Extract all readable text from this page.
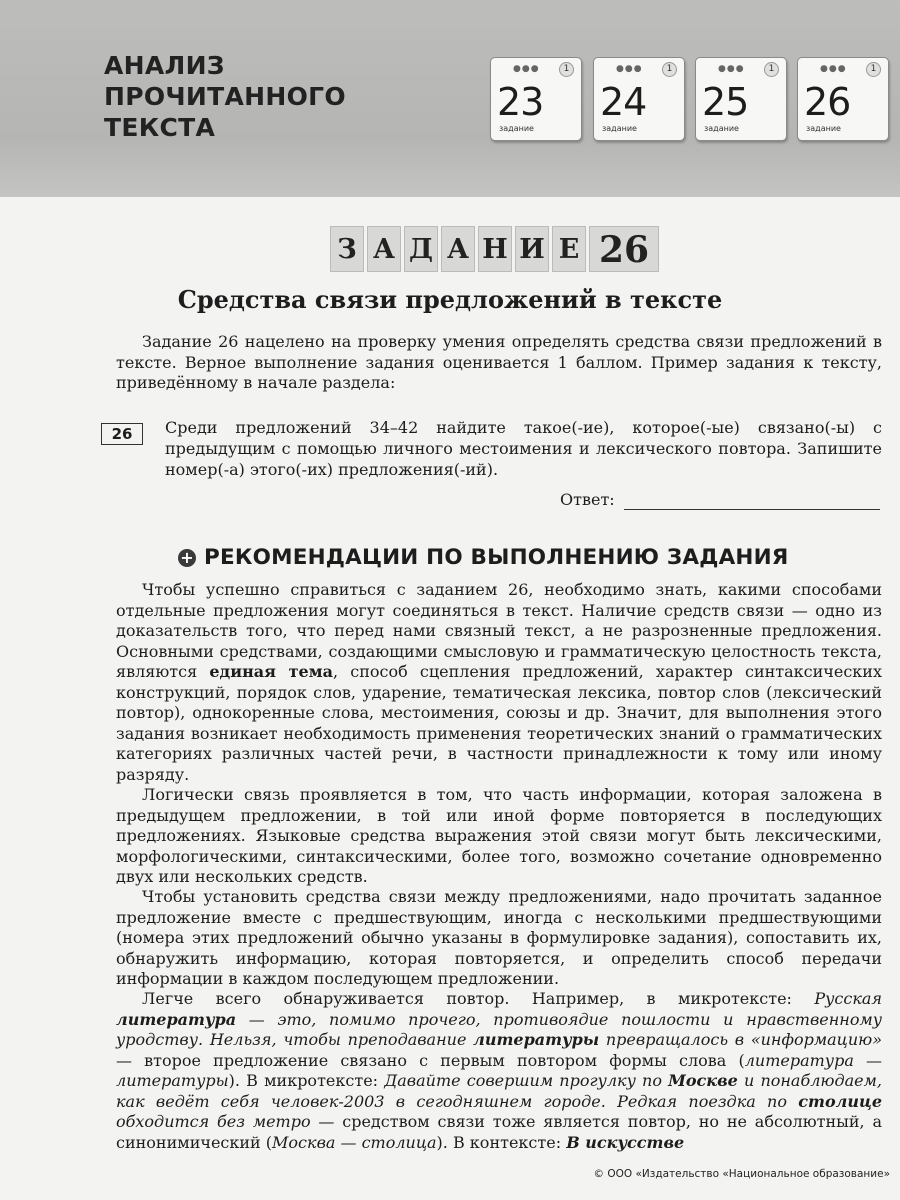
АНАЛИЗ
ПРОЧИТАННОГО
ТЕКСТА
●●●	1
23
задание
●●●	1
24
задание
●●●	1
25
задание
●●●	1
26
задание
З А Д А Н И Е 26
Средства связи предложений в тексте

Задание 26 нацелено на проверку умения определять средства связи предложений в тексте. Верное выполнение задания оценивается 1 баллом. Пример задания к тексту, приведённому в начале раздела:

26	Среди предложений 34–42 найдите такое(-ие), которое(-ые) связано(-ы) с предыдущим с помощью личного местоимения и лексического повтора. Запишите номер(-а) этого(-их) предложения(-ий).

Ответ:
+ РЕКОМЕНДАЦИИ ПО ВЫПОЛНЕНИЮ ЗАДАНИЯ

Чтобы успешно справиться с заданием 26, необходимо знать, какими способами отдельные предложения могут соединяться в текст. Наличие средств связи — одно из доказательств того, что перед нами связный текст, а не разрозненные предложения. Основными средствами, создающими смысловую и грамматическую целостность текста, являются единая тема, способ сцепления предложений, характер синтаксических конструкций, порядок слов, ударение, тематическая лексика, повтор слов (лексический повтор), однокоренные слова, местоимения, союзы и др. Значит, для выполнения этого задания возникает необходимость применения теоретических знаний о грамматических категориях различных частей речи, в частности принадлежности к тому или иному разряду.

Логически связь проявляется в том, что часть информации, которая заложена в предыдущем предложении, в той или иной форме повторяется в последующих предложениях. Языковые средства выражения этой связи могут быть лексическими, морфологическими, синтаксическими, более того, возможно сочетание одновременно двух или нескольких средств.

Чтобы установить средства связи между предложениями, надо прочитать заданное предложение вместе с предшествующим, иногда с несколькими предшествующими (номера этих предложений обычно указаны в формулировке задания), сопоставить их, обнаружить информацию, которая повторяется, и определить способ передачи информации в каждом последующем предложении.

Легче всего обнаруживается повтор. Например, в микротексте: Русская литература — это, помимо прочего, противоядие пошлости и нравственному уродству. Нельзя, чтобы преподавание литературы превращалось в «информацию» — второе предложение связано с первым повтором формы слова (литература — литературы). В микротексте: Давайте совершим прогулку по Москве и понаблюдаем, как ведёт себя человек-2003 в сегодняшнем городе. Редкая поездка по столице обходится без метро — средством связи тоже является повтор, но не абсолютный, а синонимический (Москва — столица). В контексте: В искусстве

© ООО «Издательство «Национальное образование»
